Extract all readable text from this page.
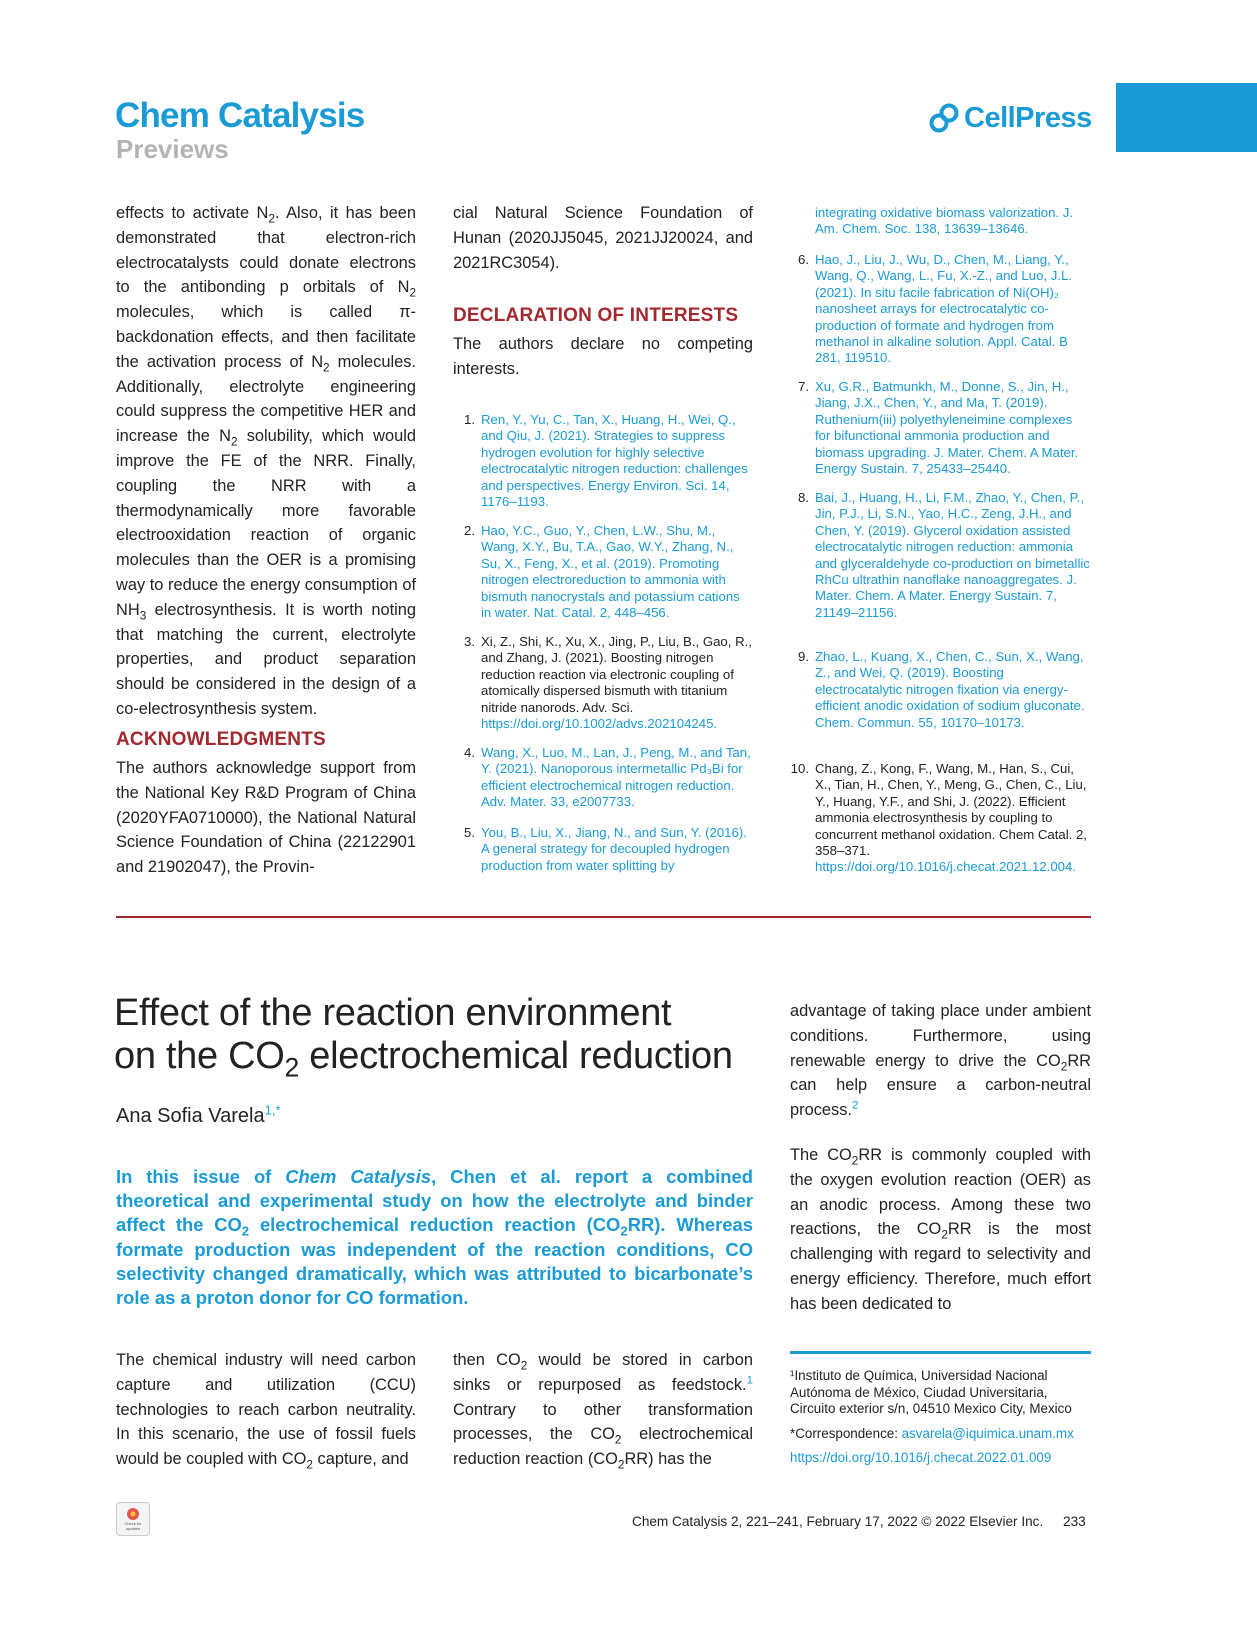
Chem Catalysis
Previews
CellPress
effects to activate $N_2$. Also, it has been demonstrated that electron-rich electrocatalysts could donate electrons to the antibonding p orbitals of $N_2$ molecules, which is called π-backdonation effects, and then facilitate the activation process of $N_2$ molecules. Additionally, electrolyte engineering could suppress the competitive HER and increase the $N_2$ solubility, which would improve the FE of the NRR. Finally, coupling the NRR with a thermodynamically more favorable electrooxidation reaction of organic molecules than the OER is a promising way to reduce the energy consumption of $NH_3$ electrosynthesis. It is worth noting that matching the current, electrolyte properties, and product separation should be considered in the design of a co-electrosynthesis system.
ACKNOWLEDGMENTS
The authors acknowledge support from the National Key R&D Program of China (2020YFA0710000), the National Natural Science Foundation of China (22122901 and 21902047), the Provin-
cial Natural Science Foundation of Hunan (2020JJ5045, 2021JJ20024, and 2021RC3054).
DECLARATION OF INTERESTS
The authors declare no competing interests.
1. Ren, Y., Yu, C., Tan, X., Huang, H., Wei, Q., and Qiu, J. (2021). Strategies to suppress hydrogen evolution for highly selective electrocatalytic nitrogen reduction: challenges and perspectives. Energy Environ. Sci. 14, 1176–1193.
2. Hao, Y.C., Guo, Y., Chen, L.W., Shu, M., Wang, X.Y., Bu, T.A., Gao, W.Y., Zhang, N., Su, X., Feng, X., et al. (2019). Promoting nitrogen electroreduction to ammonia with bismuth nanocrystals and potassium cations in water. Nat. Catal. 2, 448–456.
3. Xi, Z., Shi, K., Xu, X., Jing, P., Liu, B., Gao, R., and Zhang, J. (2021). Boosting nitrogen reduction reaction via electronic coupling of atomically dispersed bismuth with titanium nitride nanorods. Adv. Sci. https://doi.org/10.1002/advs.202104245.
4. Wang, X., Luo, M., Lan, J., Peng, M., and Tan, Y. (2021). Nanoporous intermetallic Pd₃Bi for efficient electrochemical nitrogen reduction. Adv. Mater. 33, e2007733.
5. You, B., Liu, X., Jiang, N., and Sun, Y. (2016). A general strategy for decoupled hydrogen production from water splitting by
integrating oxidative biomass valorization. J. Am. Chem. Soc. 138, 13639–13646.
6. Hao, J., Liu, J., Wu, D., Chen, M., Liang, Y., Wang, Q., Wang, L., Fu, X.-Z., and Luo, J.L. (2021). In situ facile fabrication of Ni(OH)₂ nanosheet arrays for electrocatalytic co-production of formate and hydrogen from methanol in alkaline solution. Appl. Catal. B 281, 119510.
7. Xu, G.R., Batmunkh, M., Donne, S., Jin, H., Jiang, J.X., Chen, Y., and Ma, T. (2019). Ruthenium(iii) polyethyleneimine complexes for bifunctional ammonia production and biomass upgrading. J. Mater. Chem. A Mater. Energy Sustain. 7, 25433–25440.
8. Bai, J., Huang, H., Li, F.M., Zhao, Y., Chen, P., Jin, P.J., Li, S.N., Yao, H.C., Zeng, J.H., and Chen, Y. (2019). Glycerol oxidation assisted electrocatalytic nitrogen reduction: ammonia and glyceraldehyde co-production on bimetallic RhCu ultrathin nanoflake nanoaggregates. J. Mater. Chem. A Mater. Energy Sustain. 7, 21149–21156.
9. Zhao, L., Kuang, X., Chen, C., Sun, X., Wang, Z., and Wei, Q. (2019). Boosting electrocatalytic nitrogen fixation via energy-efficient anodic oxidation of sodium gluconate. Chem. Commun. 55, 10170–10173.
10. Chang, Z., Kong, F., Wang, M., Han, S., Cui, X., Tian, H., Chen, Y., Meng, G., Chen, C., Liu, Y., Huang, Y.F., and Shi, J. (2022). Efficient ammonia electrosynthesis by coupling to concurrent methanol oxidation. Chem Catal. 2, 358–371. https://doi.org/10.1016/j.checat.2021.12.004.
Effect of the reaction environment
on the $CO_2$ electrochemical reduction
Ana Sofia Varela$^{1,*}$
In this issue of Chem Catalysis, Chen et al. report a combined theoretical and experimental study on how the electrolyte and binder affect the $CO_2$ electrochemical reduction reaction $(CO_2RR)$. Whereas formate production was independent of the reaction conditions, CO selectivity changed dramatically, which was attributed to bicarbonate’s role as a proton donor for CO formation.
advantage of taking place under ambient conditions. Furthermore, using renewable energy to drive the $CO_2RR$ can help ensure a carbon-neutral process.$^2$
The $CO_2RR$ is commonly coupled with the oxygen evolution reaction (OER) as an anodic process. Among these two reactions, the $CO_2RR$ is the most challenging with regard to selectivity and energy efficiency. Therefore, much effort has been dedicated to
The chemical industry will need carbon capture and utilization (CCU) technologies to reach carbon neutrality. In this scenario, the use of fossil fuels would be coupled with $CO_2$ capture, and
then $CO_2$ would be stored in carbon sinks or repurposed as feedstock.$^1$ Contrary to other transformation processes, the $CO_2$ electrochemical reduction reaction $(CO_2RR)$ has the
¹Instituto de Química, Universidad Nacional Autónoma de México, Ciudad Universitaria, Circuito exterior s/n, 04510 Mexico City, Mexico
*Correspondence: asvarela@iquimica.unam.mx
https://doi.org/10.1016/j.checat.2022.01.009
Check for updates	Chem Catalysis 2, 221–241, February 17, 2022 © 2022 Elsevier Inc. 233
